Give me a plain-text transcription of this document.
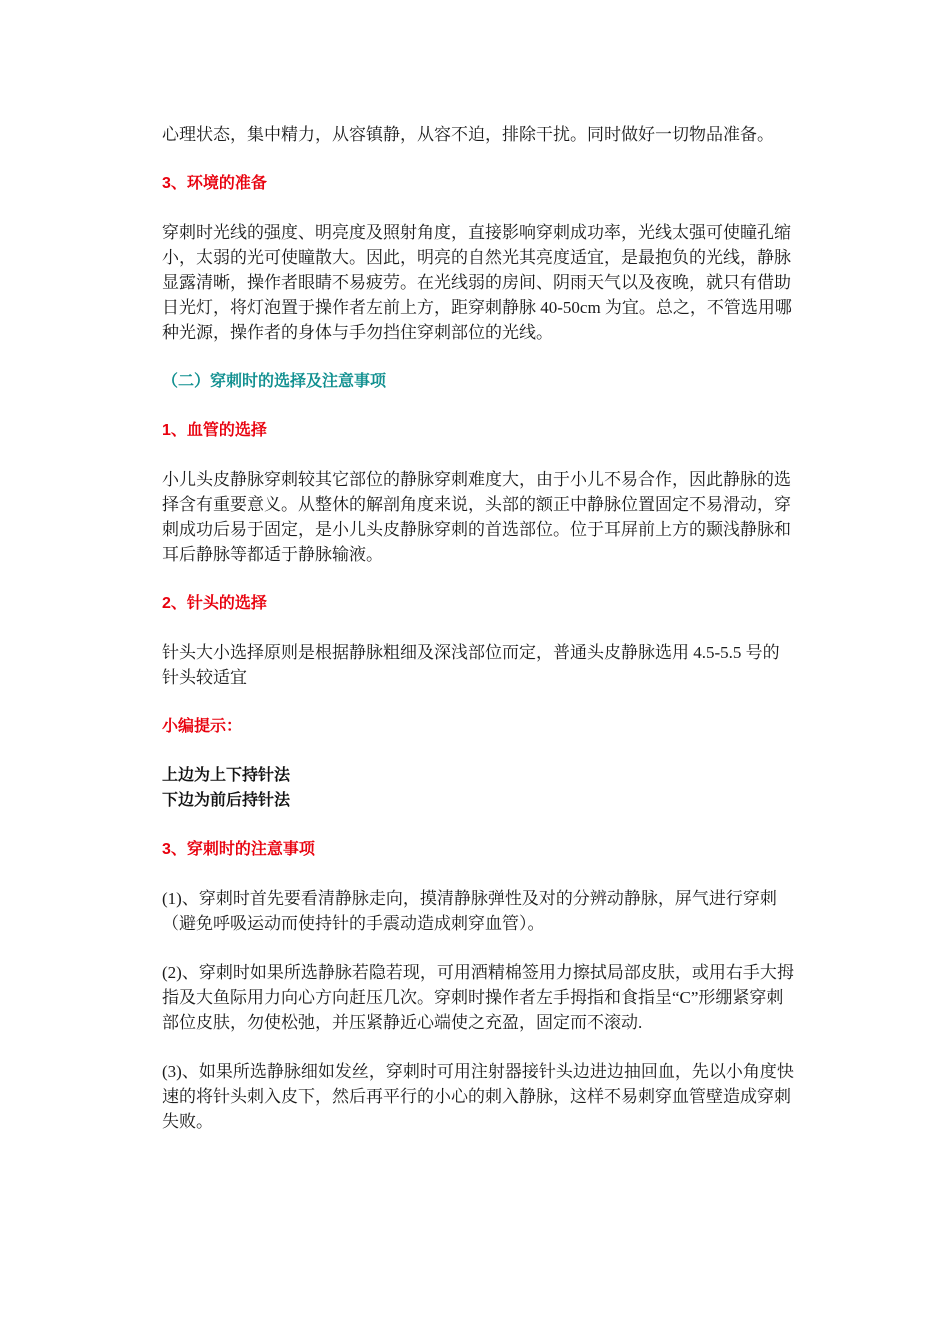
心理状态，集中精力，从容镇静，从容不迫，排除干扰。同时做好一切物品准备。

3、环境的准备

穿刺时光线的强度、明亮度及照射角度，直接影响穿刺成功率，光线太强可使瞳孔缩小，太弱的光可使瞳散大。因此，明亮的自然光其亮度适宜，是最抱负的光线，静脉显露清晰，操作者眼睛不易疲劳。在光线弱的房间、阴雨天气以及夜晚，就只有借助日光灯，将灯泡置于操作者左前上方，距穿刺静脉 40-50cm 为宜。总之，不管选用哪种光源，操作者的身体与手勿挡住穿刺部位的光线。

（二）穿刺时的选择及注意事项

1、血管的选择

小儿头皮静脉穿刺较其它部位的静脉穿刺难度大，由于小儿不易合作，因此静脉的选择含有重要意义。从整休的解剖角度来说，头部的额正中静脉位置固定不易滑动，穿刺成功后易于固定，是小儿头皮静脉穿刺的首选部位。位于耳屏前上方的颞浅静脉和耳后静脉等都适于静脉输液。

2、针头的选择

针头大小选择原则是根据静脉粗细及深浅部位而定，普通头皮静脉选用 4.5-5.5 号的针头较适宜

小编提示：

上边为上下持针法

下边为前后持针法

3、穿刺时的注意事项

(1)、穿刺时首先要看清静脉走向，摸清静脉弹性及对的分辨动静脉，屏气进行穿刺（避免呼吸运动而使持针的手震动造成刺穿血管）。

(2)、穿刺时如果所选静脉若隐若现，可用酒精棉签用力擦拭局部皮肤，或用右手大拇指及大鱼际用力向心方向赶压几次。穿刺时操作者左手拇指和食指呈“C”形绷紧穿刺部位皮肤，勿使松弛，并压紧静近心端使之充盈，固定而不滚动.

(3)、如果所选静脉细如发丝，穿刺时可用注射器接针头边进边抽回血，先以小角度快速的将针头刺入皮下，然后再平行的小心的刺入静脉，这样不易刺穿血管壁造成穿刺失败。
